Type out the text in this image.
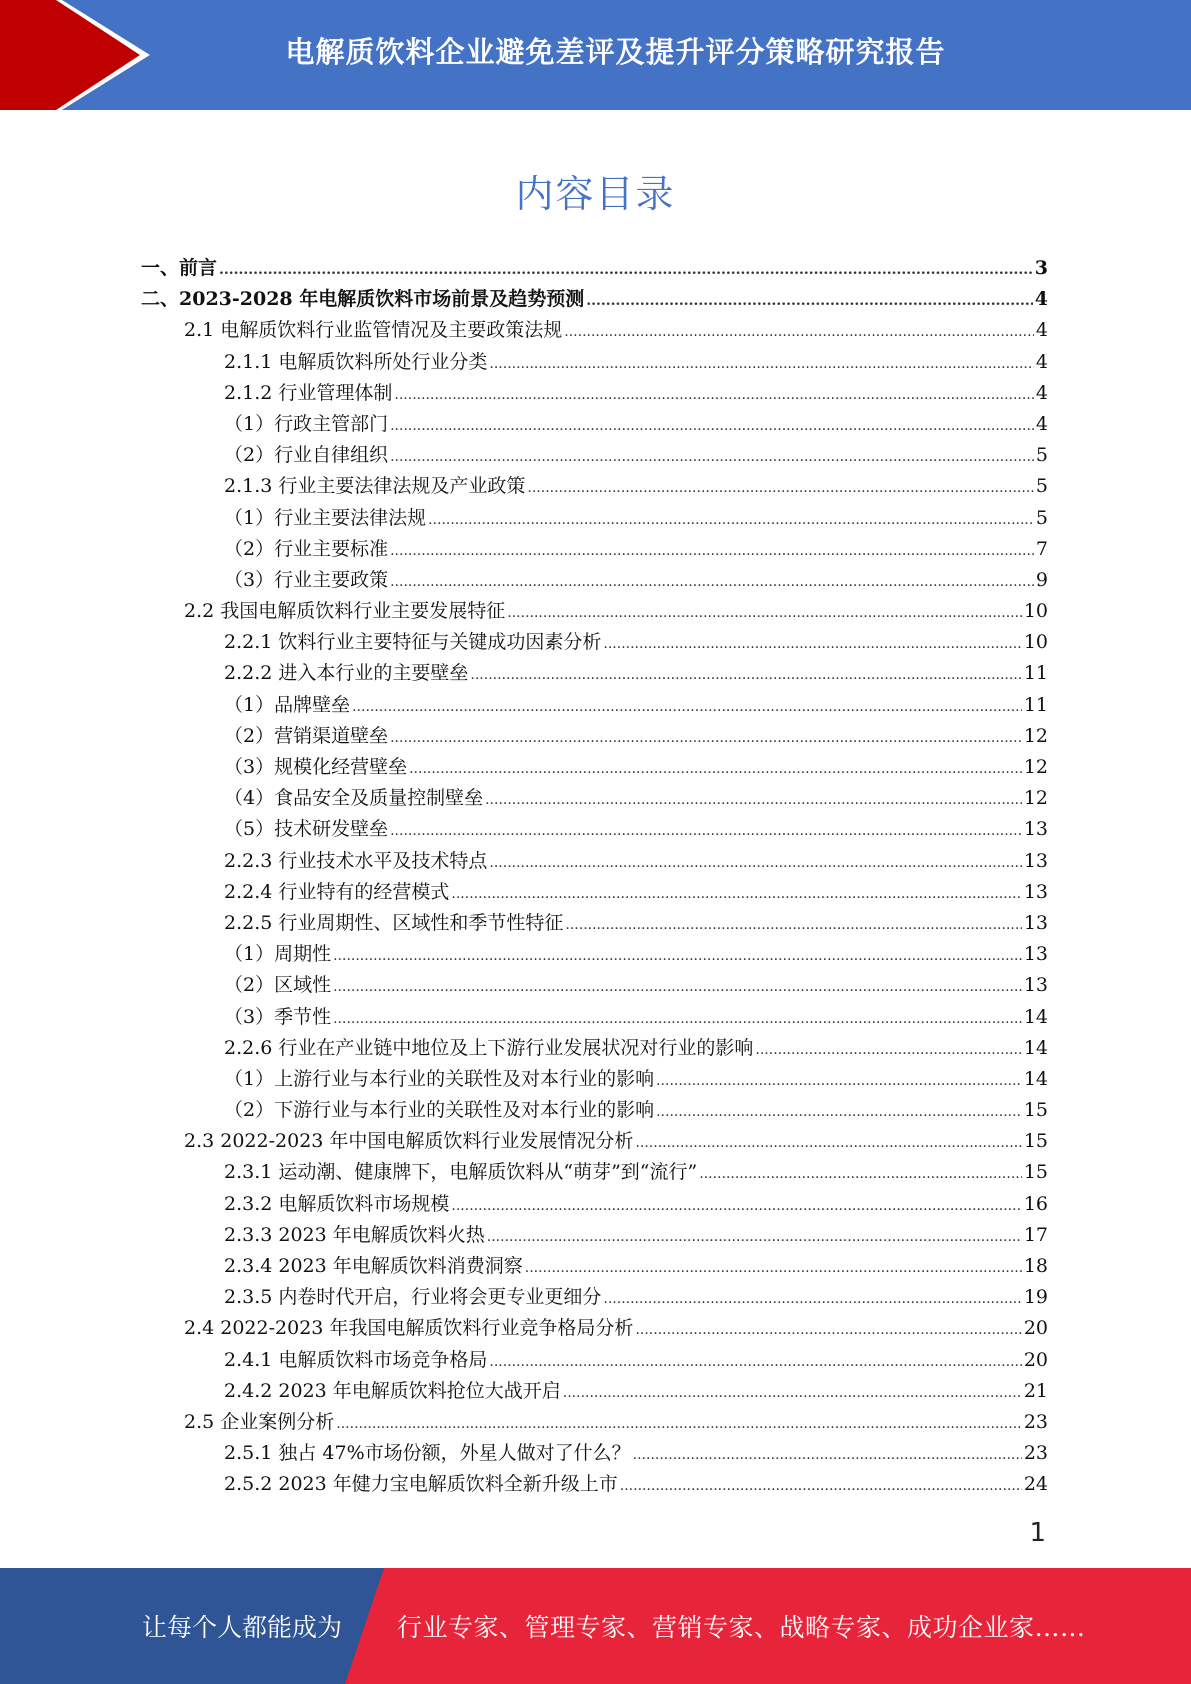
电解质饮料企业避免差评及提升评分策略研究报告
内容目录
一、前言 .....	3
二、2023-2028 年电解质饮料市场前景及趋势预测 .....	4
2.1 电解质饮料行业监管情况及主要政策法规 .....	4
2.1.1 电解质饮料所处行业分类 .....	4
2.1.2 行业管理体制 .....	4
（1）行政主管部门 .....	4
（2）行业自律组织 .....	5
2.1.3 行业主要法律法规及产业政策 .....	5
（1）行业主要法律法规 .....	5
（2）行业主要标准 .....	7
（3）行业主要政策 .....	9
2.2 我国电解质饮料行业主要发展特征 .....	10
2.2.1 饮料行业主要特征与关键成功因素分析 .....	10
2.2.2 进入本行业的主要壁垒 .....	11
（1）品牌壁垒 .....	11
（2）营销渠道壁垒 .....	12
（3）规模化经营壁垒 .....	12
（4）食品安全及质量控制壁垒 .....	12
（5）技术研发壁垒 .....	13
2.2.3 行业技术水平及技术特点 .....	13
2.2.4 行业特有的经营模式 .....	13
2.2.5 行业周期性、区域性和季节性特征 .....	13
（1）周期性 .....	13
（2）区域性 .....	13
（3）季节性 .....	14
2.2.6 行业在产业链中地位及上下游行业发展状况对行业的影响 .....	14
（1）上游行业与本行业的关联性及对本行业的影响 .....	14
（2）下游行业与本行业的关联性及对本行业的影响 .....	15
2.3 2022-2023 年中国电解质饮料行业发展情况分析 .....	15
2.3.1 运动潮、健康牌下，电解质饮料从“萌芽”到“流行” .....	15
2.3.2 电解质饮料市场规模 .....	16
2.3.3 2023 年电解质饮料火热 .....	17
2.3.4 2023 年电解质饮料消费洞察 .....	18
2.3.5 内卷时代开启，行业将会更专业更细分 .....	19
2.4 2022-2023 年我国电解质饮料行业竞争格局分析 .....	20
2.4.1 电解质饮料市场竞争格局 .....	20
2.4.2 2023 年电解质饮料抢位大战开启 .....	21
2.5 企业案例分析 .....	23
2.5.1 独占 47%市场份额，外星人做对了什么？ .....	23
2.5.2 2023 年健力宝电解质饮料全新升级上市 .....	24
1
让每个人都能成为 行业专家、管理专家、营销专家、战略专家、成功企业家……
